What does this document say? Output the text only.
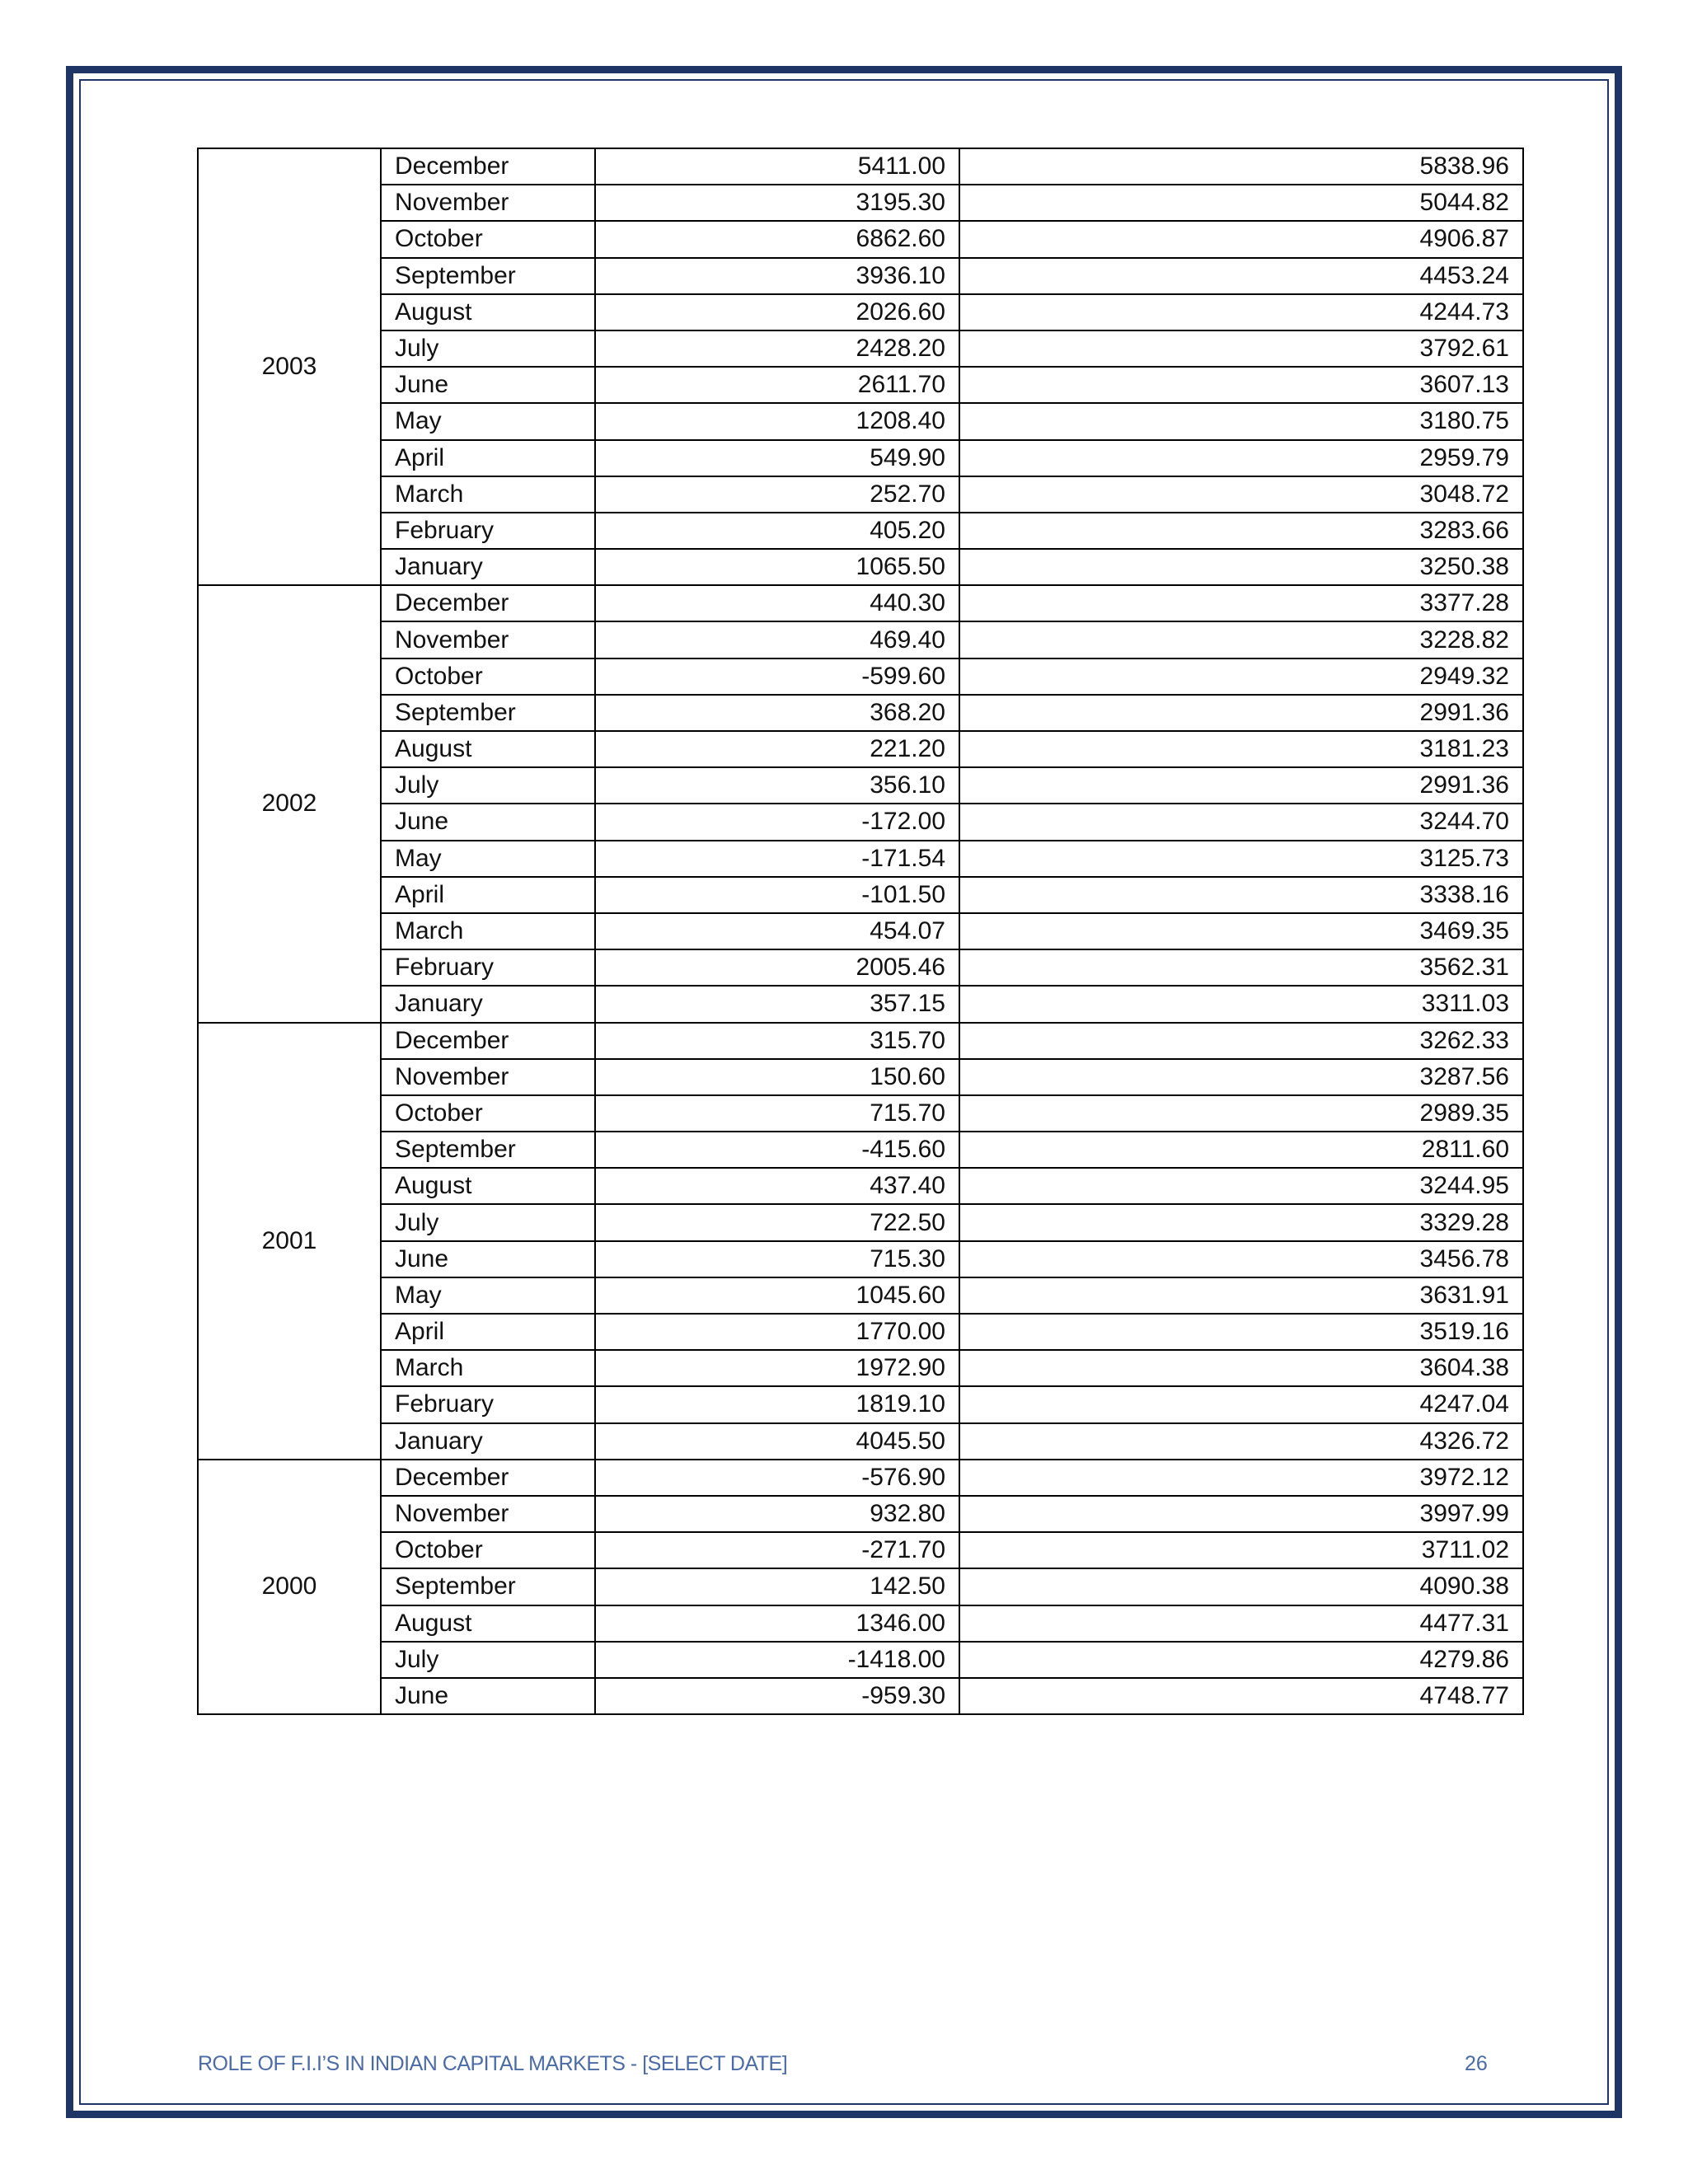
2003	December	5411.00	5838.96
	November	3195.30	5044.82
	October	6862.60	4906.87
	September	3936.10	4453.24
	August	2026.60	4244.73
	July	2428.20	3792.61
	June	2611.70	3607.13
	May	1208.40	3180.75
	April	549.90	2959.79
	March	252.70	3048.72
	February	405.20	3283.66
	January	1065.50	3250.38
2002	December	440.30	3377.28
	November	469.40	3228.82
	October	-599.60	2949.32
	September	368.20	2991.36
	August	221.20	3181.23
	July	356.10	2991.36
	June	-172.00	3244.70
	May	-171.54	3125.73
	April	-101.50	3338.16
	March	454.07	3469.35
	February	2005.46	3562.31
	January	357.15	3311.03
2001	December	315.70	3262.33
	November	150.60	3287.56
	October	715.70	2989.35
	September	-415.60	2811.60
	August	437.40	3244.95
	July	722.50	3329.28
	June	715.30	3456.78
	May	1045.60	3631.91
	April	1770.00	3519.16
	March	1972.90	3604.38
	February	1819.10	4247.04
	January	4045.50	4326.72
2000	December	-576.90	3972.12
	November	932.80	3997.99
	October	-271.70	3711.02
	September	142.50	4090.38
	August	1346.00	4477.31
	July	-1418.00	4279.86
	June	-959.30	4748.77
ROLE OF F.I.I’S IN INDIAN CAPITAL MARKETS - [SELECT DATE]	26
